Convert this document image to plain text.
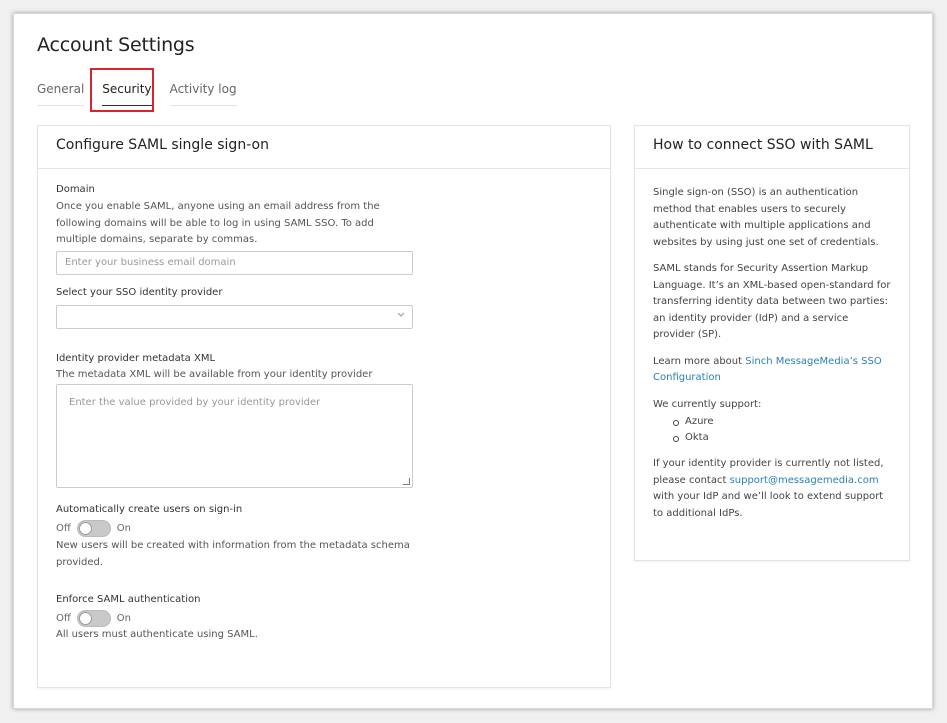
Account Settings
General Security Activity log
Configure SAML single sign-on
Domain
Once you enable SAML, anyone using an email address from the following domains will be able to log in using SAML SSO. To add multiple domains, separate by commas.
Enter your business email domain
Select your SSO identity provider
Identity provider metadata XML
The metadata XML will be available from your identity provider
Enter the value provided by your identity provider
Automatically create users on sign-in
Off	On
New users will be created with information from the metadata schema provided.
Enforce SAML authentication
Off	On
All users must authenticate using SAML.
How to connect SSO with SAML

Single sign-on (SSO) is an authentication method that enables users to securely authenticate with multiple applications and websites by using just one set of credentials.

SAML stands for Security Assertion Markup Language. It’s an XML-based open-standard for transferring identity data between two parties: an identity provider (IdP) and a service provider (SP).

Learn more about Sinch MessageMedia’s SSO Configuration

We currently support:

Azure
Okta

If your identity provider is currently not listed, please contact support@messagemedia.com with your IdP and we’ll look to extend support to additional IdPs.
